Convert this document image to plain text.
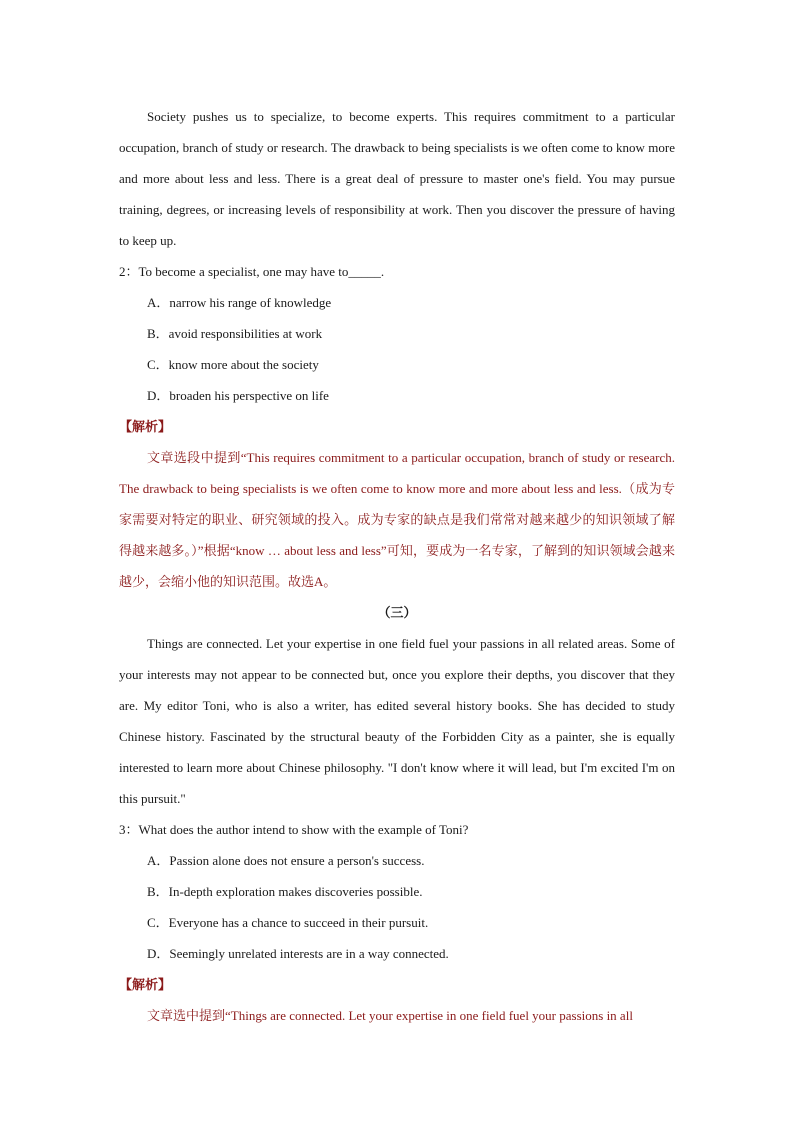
Society pushes us to specialize, to become experts. This requires commitment to a particular occupation, branch of study or research. The drawback to being specialists is we often come to know more and more about less and less. There is a great deal of pressure to master one's field. You may pursue training, degrees, or increasing levels of responsibility at work. Then you discover the pressure of having to keep up.

2：To become a specialist, one may have to_____.

A．narrow his range of knowledge

B．avoid responsibilities at work

C．know more about the society

D．broaden his perspective on life

【解析】

文章选段中提到“This requires commitment to a particular occupation, branch of study or research. The drawback to being specialists is we often come to know more and more about less and less.（成为专家需要对特定的职业、研究领域的投入。成为专家的缺点是我们常常对越来越少的知识领域了解得越来越多。）”根据“know … about less and less”可知，要成为一名专家，了解到的知识领域会越来越少，会缩小他的知识范围。故选A。

（三）

Things are connected. Let your expertise in one field fuel your passions in all related areas. Some of your interests may not appear to be connected but, once you explore their depths, you discover that they are. My editor Toni, who is also a writer, has edited several history books. She has decided to study Chinese history. Fascinated by the structural beauty of the Forbidden City as a painter, she is equally interested to learn more about Chinese philosophy. "I don't know where it will lead, but I'm excited I'm on this pursuit."

3：What does the author intend to show with the example of Toni?

A．Passion alone does not ensure a person's success.

B．In-depth exploration makes discoveries possible.

C．Everyone has a chance to succeed in their pursuit.

D．Seemingly unrelated interests are in a way connected.

【解析】

文章选中提到“Things are connected. Let your expertise in one field fuel your passions in all
